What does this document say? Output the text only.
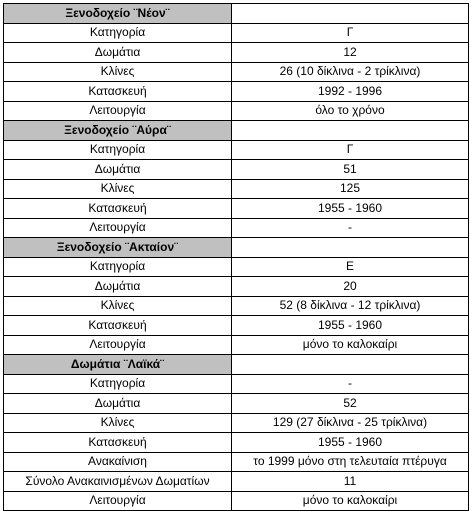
Ξενοδοχείο ¨Νέον¨	
Κατηγορία	Γ
Δωμάτια	12
Κλίνες	26 (10 δίκλινα - 2 τρίκλινα)
Κατασκευή	1992 - 1996
Λειτουργία	όλο το χρόνο
Ξενοδοχείο ¨Αύρα¨	
Κατηγορία	Γ
Δωμάτια	51
Κλίνες	125
Κατασκευή	1955 - 1960
Λειτουργία	-
Ξενοδοχείο ¨Ακταίον¨	
Κατηγορία	Ε
Δωμάτια	20
Κλίνες	52 (8 δίκλινα - 12 τρίκλινα)
Κατασκευή	1955 - 1960
Λειτουργία	μόνο το καλοκαίρι
Δωμάτια ¨Λαϊκά¨	
Κατηγορία	-
Δωμάτια	52
Κλίνες	129 (27 δίκλινα - 25 τρίκλινα)
Κατασκευή	1955 - 1960
Ανακαίνιση	το 1999 μόνο στη τελευταία πτέρυγα
Σύνολο Ανακαινισμένων Δωματίων	11
Λειτουργία	μόνο το καλοκαίρι
